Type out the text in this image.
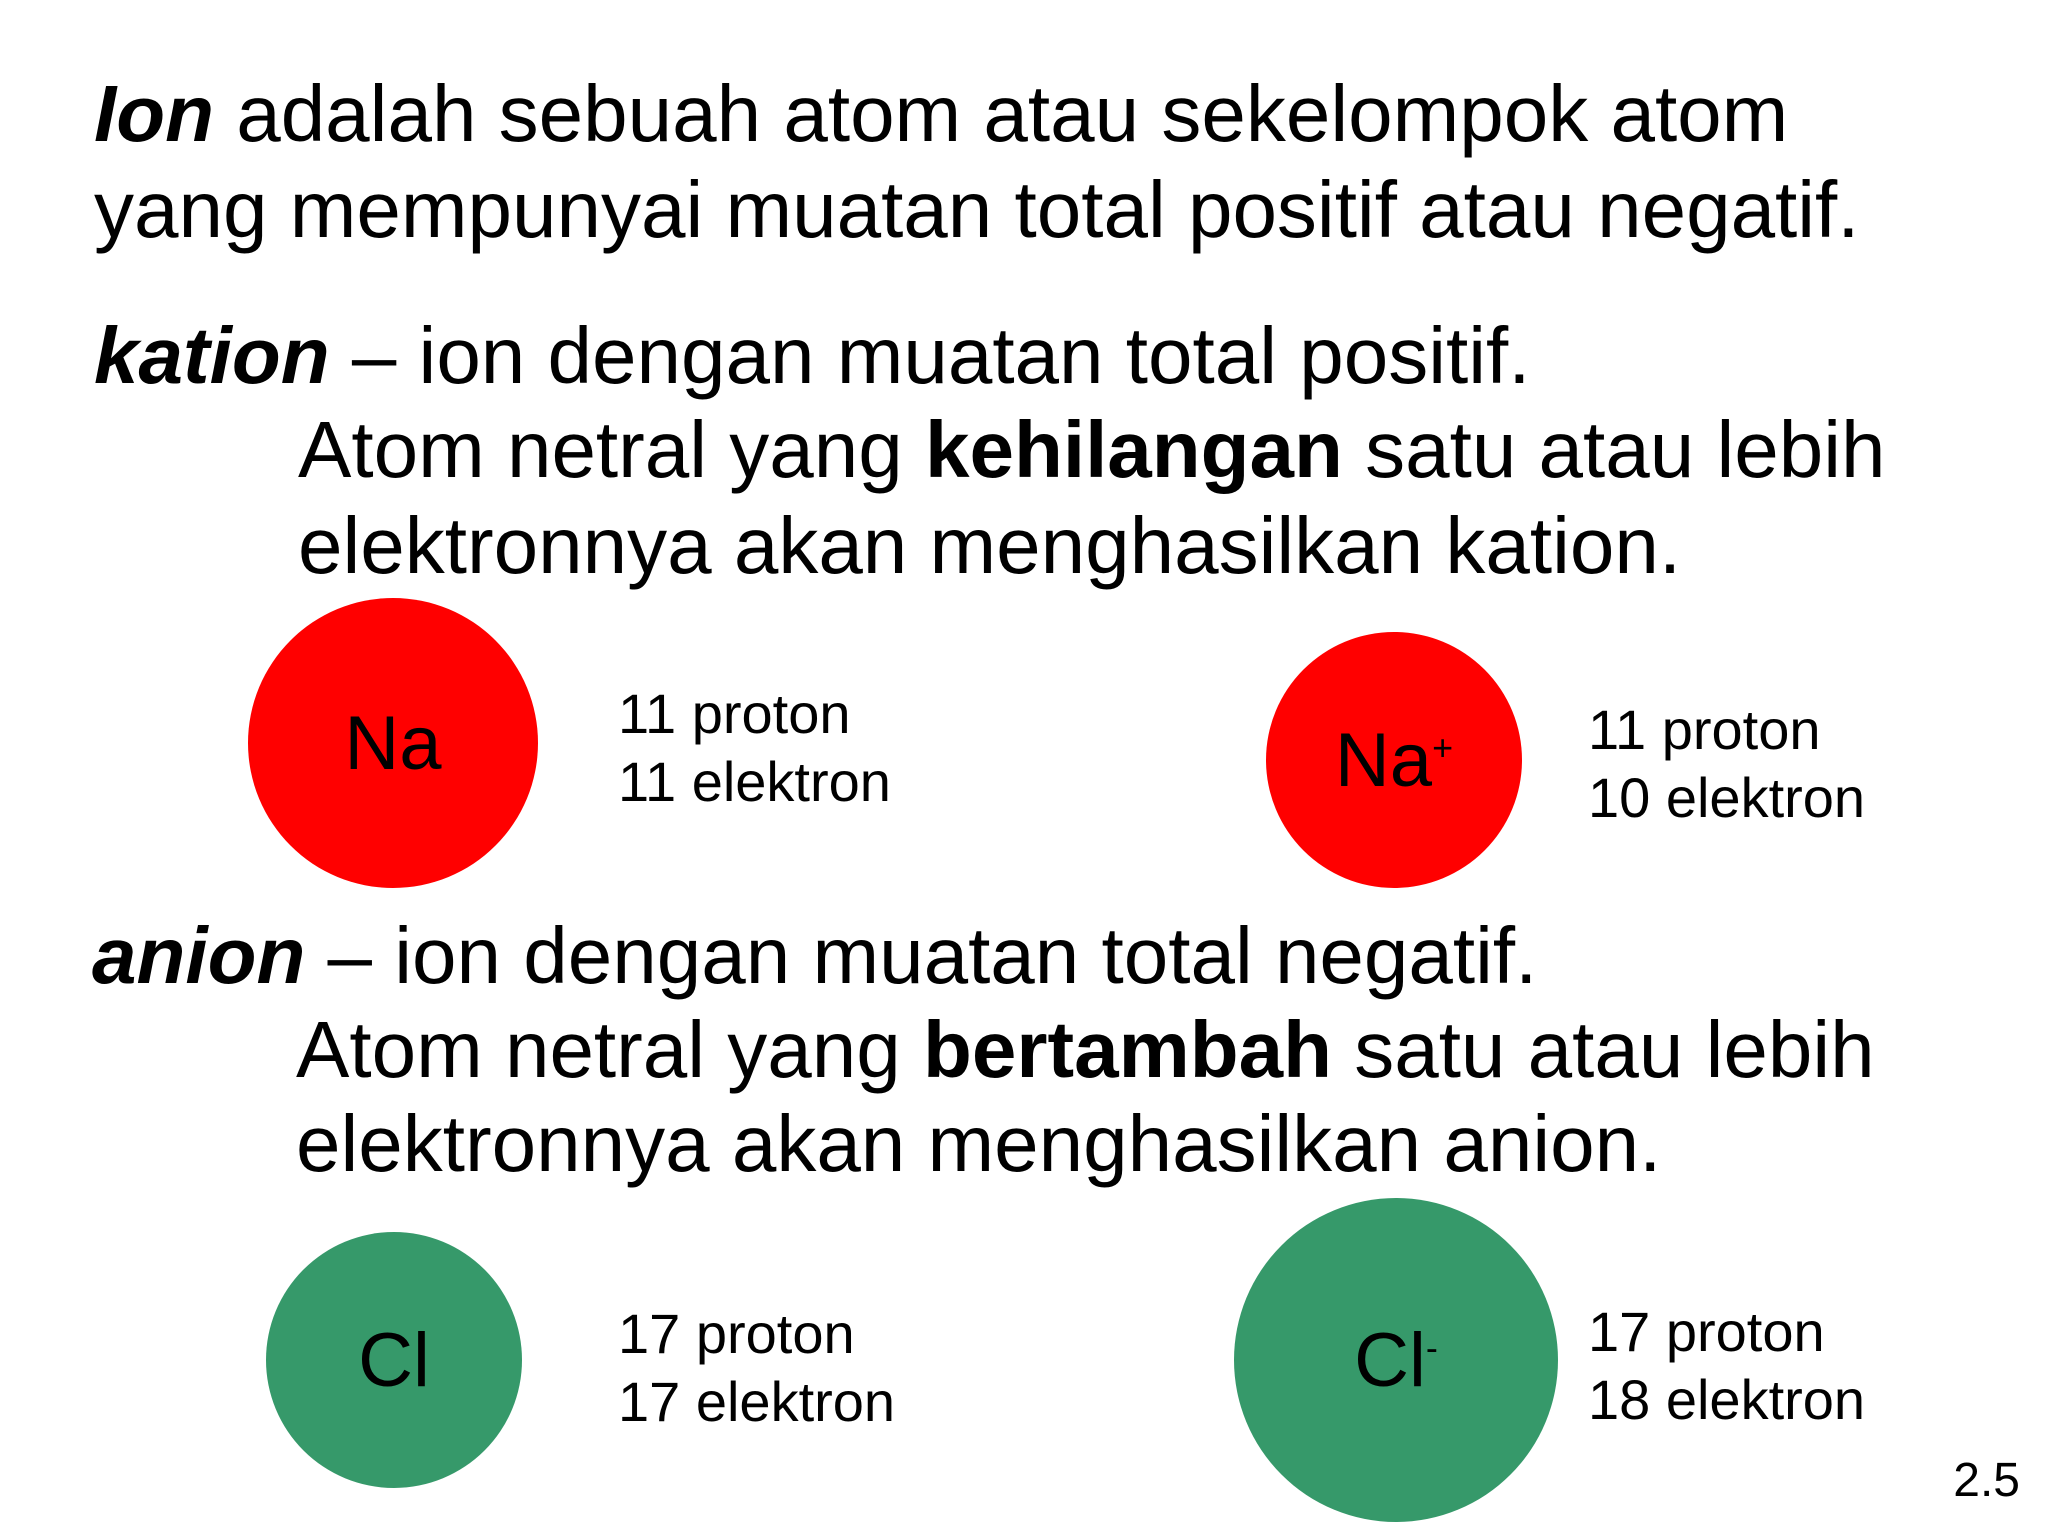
Ion adalah sebuah atom atau sekelompok atom
yang mempunyai muatan total positif atau negatif.
kation – ion dengan muatan total positif.
Atom netral yang kehilangan satu atau lebih
elektronnya akan menghasilkan kation.
Na	11 proton
11 elektron	Na+ 11 proton
10 elektron
anion – ion dengan muatan total negatif.
Atom netral yang bertambah satu atau lebih
elektronnya akan menghasilkan anion.
Cl	17 proton
17 elektron	Cl-	17 proton
18 elektron
2.5
